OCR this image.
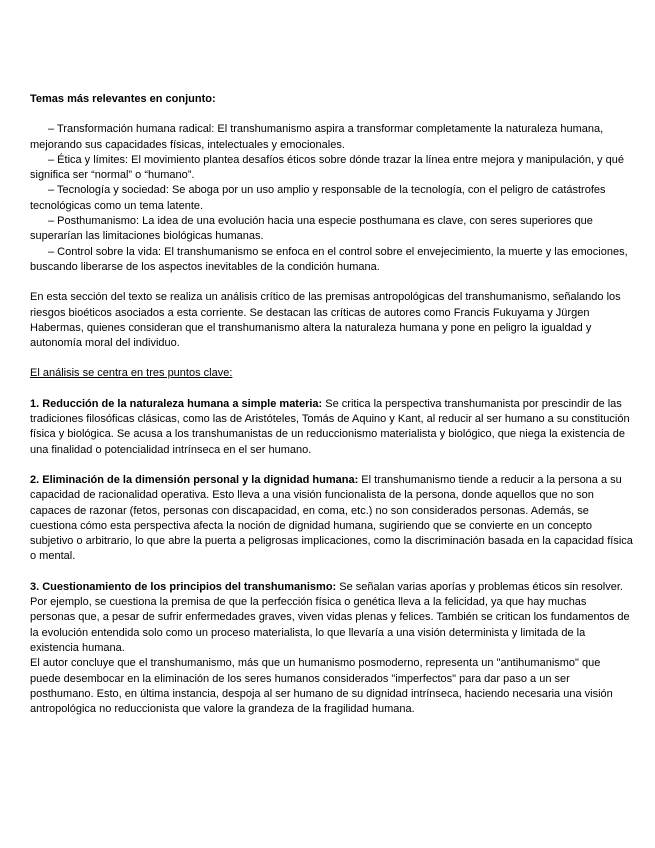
Temas más relevantes en conjunto:

– Transformación humana radical: El transhumanismo aspira a transformar completamente la naturaleza humana, mejorando sus capacidades físicas, intelectuales y emocionales.

– Ética y límites: El movimiento plantea desafíos éticos sobre dónde trazar la línea entre mejora y manipulación, y qué significa ser “normal” o “humano”.

– Tecnología y sociedad: Se aboga por un uso amplio y responsable de la tecnología, con el peligro de catástrofes tecnológicas como un tema latente.

– Posthumanismo: La idea de una evolución hacia una especie posthumana es clave, con seres superiores que superarían las limitaciones biológicas humanas.

– Control sobre la vida: El transhumanismo se enfoca en el control sobre el envejecimiento, la muerte y las emociones, buscando liberarse de los aspectos inevitables de la condición humana.

En esta sección del texto se realiza un análisis crítico de las premisas antropológicas del transhumanismo, señalando los riesgos bioéticos asociados a esta corriente. Se destacan las críticas de autores como Francis Fukuyama y Jürgen Habermas, quienes consideran que el transhumanismo altera la naturaleza humana y pone en peligro la igualdad y autonomía moral del individuo.

El análisis se centra en tres puntos clave:

1. Reducción de la naturaleza humana a simple materia: Se critica la perspectiva transhumanista por prescindir de las tradiciones filosóficas clásicas, como las de Aristóteles, Tomás de Aquino y Kant, al reducir al ser humano a su constitución física y biológica. Se acusa a los transhumanistas de un reduccionismo materialista y biológico, que niega la existencia de una finalidad o potencialidad intrínseca en el ser humano.

2. Eliminación de la dimensión personal y la dignidad humana: El transhumanismo tiende a reducir a la persona a su capacidad de racionalidad operativa. Esto lleva a una visión funcionalista de la persona, donde aquellos que no son capaces de razonar (fetos, personas con discapacidad, en coma, etc.) no son considerados personas. Además, se cuestiona cómo esta perspectiva afecta la noción de dignidad humana, sugiriendo que se convierte en un concepto subjetivo o arbitrario, lo que abre la puerta a peligrosas implicaciones, como la discriminación basada en la capacidad física o mental.

3. Cuestionamiento de los principios del transhumanismo: Se señalan varias aporías y problemas éticos sin resolver. Por ejemplo, se cuestiona la premisa de que la perfección física o genética lleva a la felicidad, ya que hay muchas personas que, a pesar de sufrir enfermedades graves, viven vidas plenas y felices. También se critican los fundamentos de la evolución entendida solo como un proceso materialista, lo que llevaría a una visión determinista y limitada de la existencia humana.

El autor concluye que el transhumanismo, más que un humanismo posmoderno, representa un "antihumanismo" que puede desembocar en la eliminación de los seres humanos considerados "imperfectos" para dar paso a un ser posthumano. Esto, en última instancia, despoja al ser humano de su dignidad intrínseca, haciendo necesaria una visión antropológica no reduccionista que valore la grandeza de la fragilidad humana.
